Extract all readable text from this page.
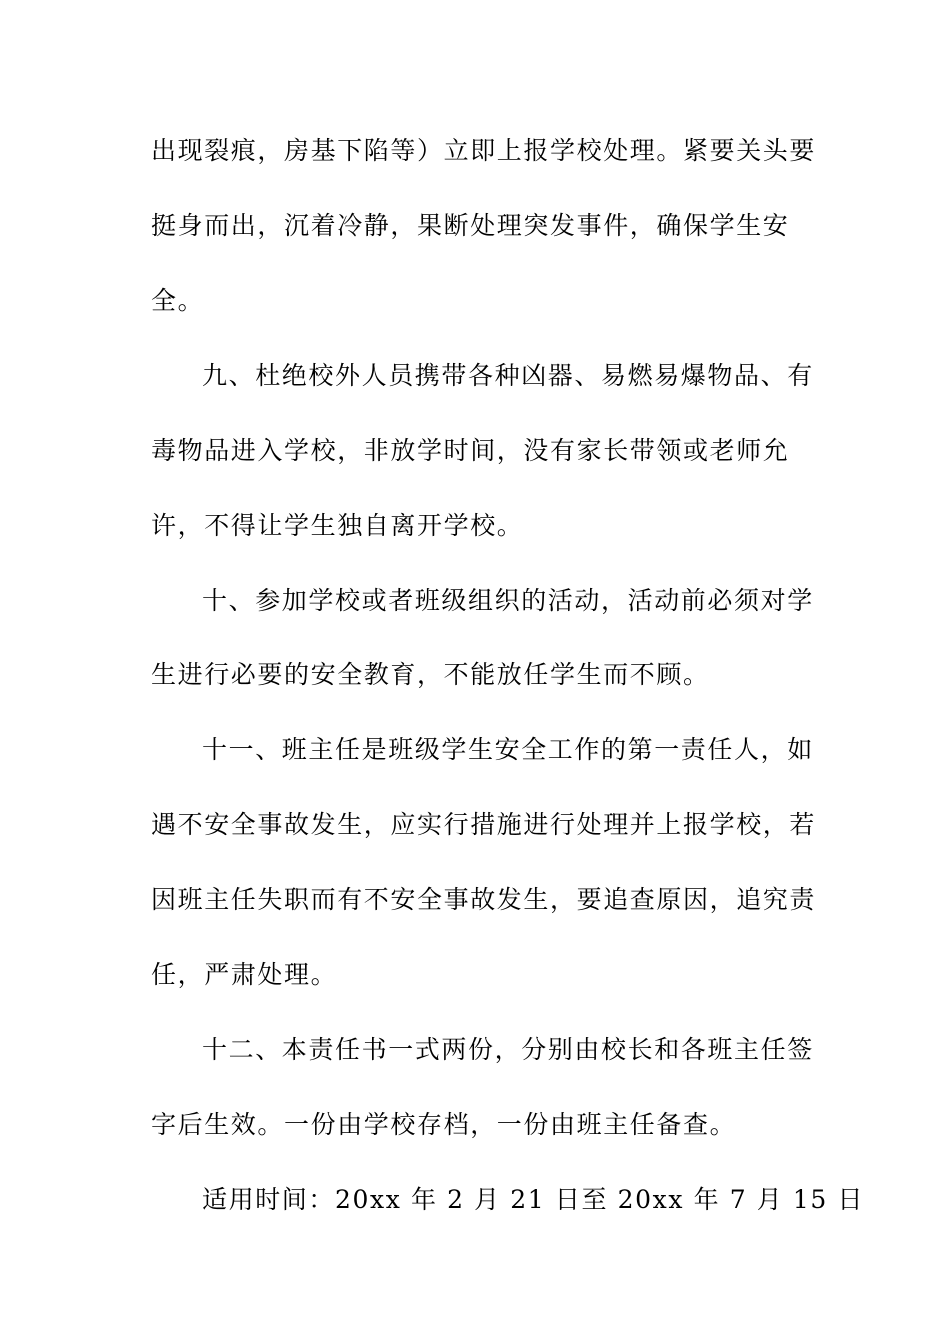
出现裂痕，房基下陷等）立即上报学校处理。紧要关头要

挺身而出，沉着冷静，果断处理突发事件，确保学生安

全。

九、杜绝校外人员携带各种凶器、易燃易爆物品、有

毒物品进入学校，非放学时间，没有家长带领或老师允

许，不得让学生独自离开学校。

十、参加学校或者班级组织的活动，活动前必须对学

生进行必要的安全教育，不能放任学生而不顾。

十一、班主任是班级学生安全工作的第一责任人，如

遇不安全事故发生，应实行措施进行处理并上报学校，若

因班主任失职而有不安全事故发生，要追查原因，追究责

任，严肃处理。

十二、本责任书一式两份，分别由校长和各班主任签

字后生效。一份由学校存档，一份由班主任备查。

适用时间：20xx 年 2 月 21 日至 20xx 年 7 月 15 日
